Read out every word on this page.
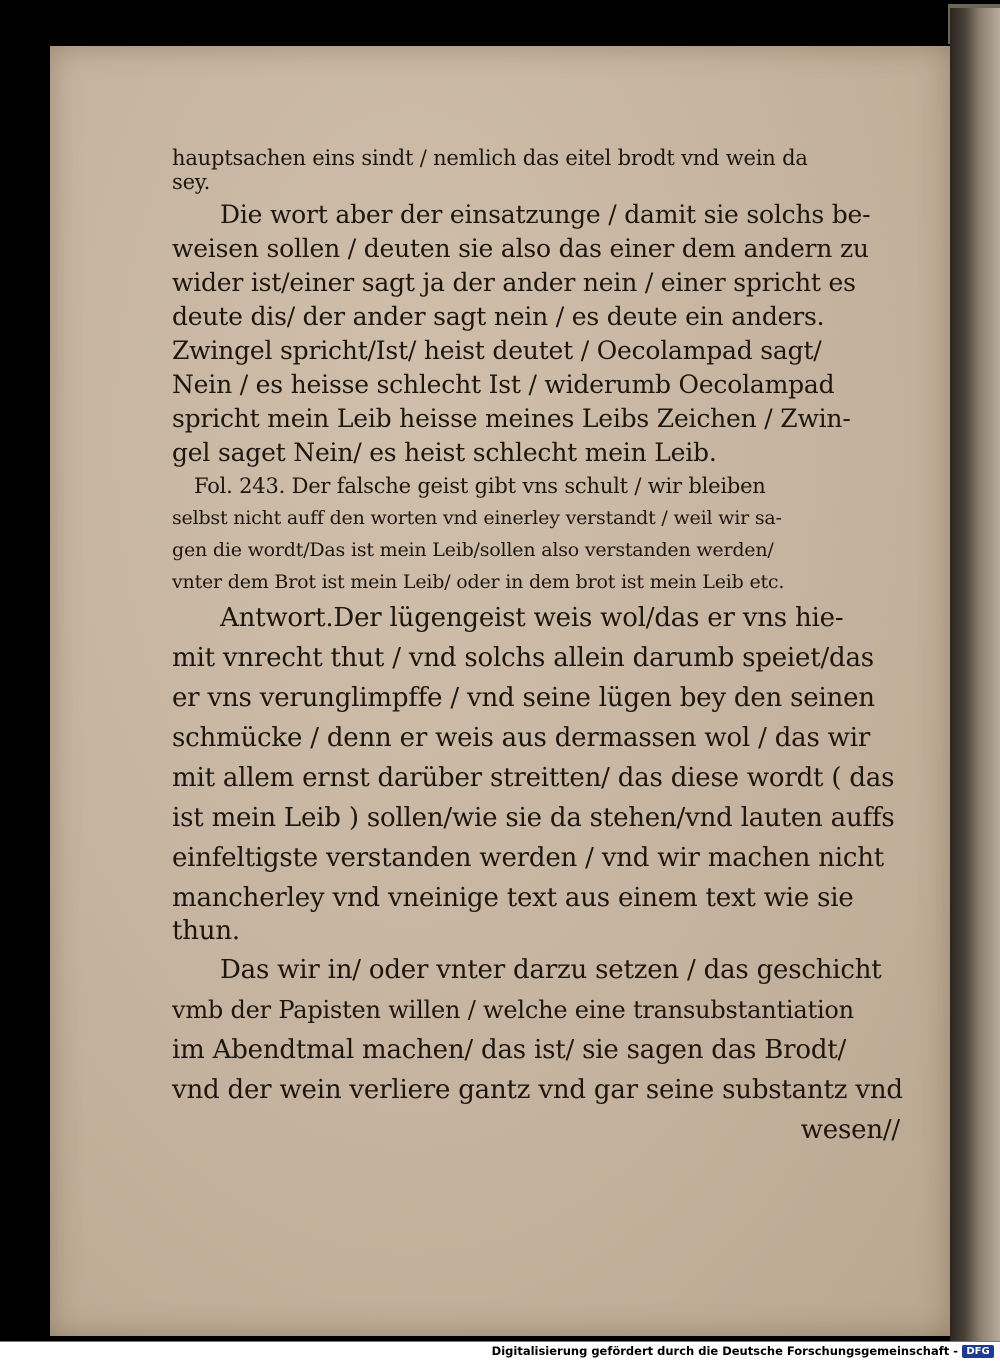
hauptsachen eins sindt / nemlich das eitel brodt vnd wein da
sey.
Die wort aber der einsatzunge / damit sie solchs be-
weisen sollen / deuten sie also das einer dem andern zu
wider ist/einer sagt ja der ander nein / einer spricht es
deute dis/ der ander sagt nein / es deute ein anders.
Zwingel spricht/Ist/ heist deutet / Oecolampad sagt/
Nein / es heisse schlecht Ist / widerumb Oecolampad
spricht mein Leib heisse meines Leibs Zeichen / Zwin-
gel saget Nein/ es heist schlecht mein Leib.
Fol. 243. Der falsche geist gibt vns schult / wir bleiben
selbst nicht auff den worten vnd einerley verstandt / weil wir sa-
gen die wordt/Das ist mein Leib/sollen also verstanden werden/
vnter dem Brot ist mein Leib/ oder in dem brot ist mein Leib etc.
Antwort.Der lügengeist weis wol/das er vns hie-
mit vnrecht thut / vnd solchs allein darumb speiet/das
er vns verunglimpffe / vnd seine lügen bey den seinen
schmücke / denn er weis aus dermassen wol / das wir
mit allem ernst darüber streitten/ das diese wordt ( das
ist mein Leib ) sollen/wie sie da stehen/vnd lauten auffs
einfeltigste verstanden werden / vnd wir machen nicht
mancherley vnd vneinige text aus einem text wie sie
thun.
Das wir in/ oder vnter darzu setzen / das geschicht
vmb der Papisten willen / welche eine transubstantiation
im Abendtmal machen/ das ist/ sie sagen das Brodt/
vnd der wein verliere gantz vnd gar seine substantz vnd
wesen//
Digitalisierung gefördert durch die Deutsche Forschungsgemeinschaft - DFG
